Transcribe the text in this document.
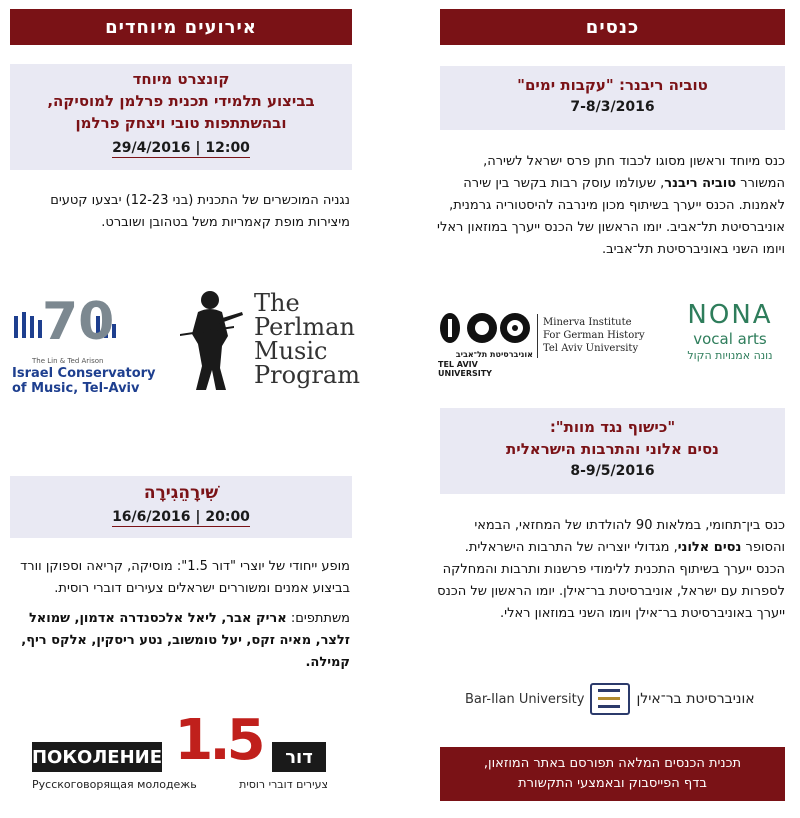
כנסים
טוביה ריבנר: "עקבות ימים"
7-8/3/2016
כנס מיוחד וראשון מסוגו לכבוד חתן פרס ישראל לשירה, המשורר טוביה ריבנר, שעולמו עוסק רבות בקשר בין שירה לאמנות. הכנס ייערך בשיתוף מכון מינרבה להיסטוריה גרמנית, אוניברסיטת תל־אביב. יומו הראשון של הכנס ייערך במוזאון ראלי ויומו השני באוניברסיטת תל־אביב.
אוניברסיטת תל־אביב
TEL AVIV UNIVERSITY
Minerva Institute
For German History
Tel Aviv University
NONA
vocal arts
נונה אמנויות הקול
"כישוף נגד מוות":
נסים אלוני והתרבות הישראלית
8-9/5/2016
כנס בין־תחומי, במלאות 90 להולדתו של המחזאי, הבמאי והסופר נסים אלוני, מגדולי יוצריה של התרבות הישראלית. הכנס ייערך בשיתוף התכנית ללימודי פרשנות ותרבות והמחלקה לספרות עם ישראל, אוניברסיטת בר־אילן. יומו הראשון של הכנס ייערך באוניברסיטת בר־אילן ויומו השני במוזאון ראלי.
Bar-Ilan University	אוניברסיטת בר־אילן
תכנית הכנסים המלאה תפורסם באתר המוזאון,
בדף הפייסבוק ובאמצעי התקשורת
אירועים מיוחדים
קונצרט מיוחד
בביצוע תלמידי תכנית פרלמן למוסיקה,
ובהשתתפות טובי ויצחק פרלמן
12:00 | 29/4/2016
נגניה המוכשרים של התכנית (בני 12-23) יבצעו קטעים מיצירות מופת קאמריות משל בטהובן ושוברט.
70
The Lin & Ted Arison
Israel Conservatory
of Music, Tel-Aviv
The
Perlman
Music
Program
שִׁירָהֵגִירָה
20:00 | 16/6/2016
מופע ייחודי של יוצרי "דור 1.5": מוסיקה, קריאה וספוקן וורד בביצוע אמנים ומשוררים ישראלים צעירים דוברי רוסית.
משתתפים: אריק אבר, ליאל אלכסנדרה אדמון, שמואל זלצר, מאיה זקס, יעל טומשוב, נטע ריסקין, אלקס ריף, קמילה.
ПОКОЛЕНИЕ 1.5	דור
Русскоговорящая молодежь	צעירים דוברי רוסית
